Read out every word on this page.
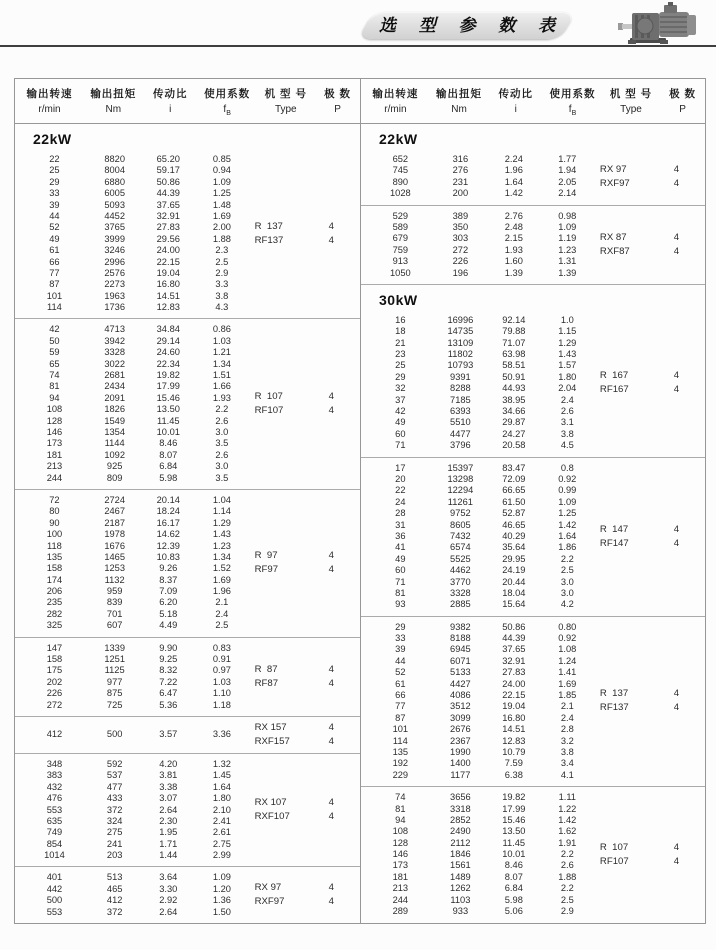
选 型 参 数 表
输出转速	输出扭矩	传动比	使用系数	机 型 号	极 数
r/min	Nm	i	$f_B$	Type	P
22kW
22	8820	65.20	0.85
25	8004	59.17	0.94
29	6880	50.86	1.09
33	6005	44.39	1.25
39	5093	37.65	1.48
44	4452	32.91	1.69
52	3765	27.83	2.00
49	3999	29.56	1.88
61	3246	24.00	2.3
66	2996	22.15	2.5
77	2576	19.04	2.9
87	2273	16.80	3.3
101	1963	14.51	3.8
114	1736	12.83	4.3
R  137	4
RF137	4
42	4713	34.84	0.86
50	3942	29.14	1.03
59	3328	24.60	1.21
65	3022	22.34	1.34
74	2681	19.82	1.51
81	2434	17.99	1.66
94	2091	15.46	1.93
108	1826	13.50	2.2
128	1549	11.45	2.6
146	1354	10.01	3.0
173	1144	8.46	3.5
181	1092	8.07	2.6
213	925	6.84	3.0
244	809	5.98	3.5
R  107	4
RF107	4
72	2724	20.14	1.04
80	2467	18.24	1.14
90	2187	16.17	1.29
100	1978	14.62	1.43
118	1676	12.39	1.23
135	1465	10.83	1.34
158	1253	9.26	1.52
174	1132	8.37	1.69
206	959	7.09	1.96
235	839	6.20	2.1
282	701	5.18	2.4
325	607	4.49	2.5
R  97	4
RF97	4
147	1339	9.90	0.83
158	1251	9.25	0.91
175	1125	8.32	0.97
202	977	7.22	1.03
226	875	6.47	1.10
272	725	5.36	1.18
R  87	4
RF87	4
412	500	3.57	3.36
RX 157	4
RXF157	4
348	592	4.20	1.32
383	537	3.81	1.45
432	477	3.38	1.64
476	433	3.07	1.80
553	372	2.64	2.10
635	324	2.30	2.41
749	275	1.95	2.61
854	241	1.71	2.75
1014	203	1.44	2.99
RX 107	4
RXF107	4
401	513	3.64	1.09
442	465	3.30	1.20
500	412	2.92	1.36
553	372	2.64	1.50
RX 97	4
RXF97	4
输出转速	输出扭矩	传动比	使用系数	机 型 号	极 数
r/min	Nm	i	$f_B$	Type	P
22kW
652	316	2.24	1.77
745	276	1.96	1.94
890	231	1.64	2.05
1028	200	1.42	2.14
RX 97	4
RXF97	4
529	389	2.76	0.98
589	350	2.48	1.09
679	303	2.15	1.19
759	272	1.93	1.23
913	226	1.60	1.31
1050	196	1.39	1.39
RX 87	4
RXF87	4
30kW
16	16996	92.14	1.0
18	14735	79.88	1.15
21	13109	71.07	1.29
23	11802	63.98	1.43
25	10793	58.51	1.57
29	9391	50.91	1.80
32	8288	44.93	2.04
37	7185	38.95	2.4
42	6393	34.66	2.6
49	5510	29.87	3.1
60	4477	24.27	3.8
71	3796	20.58	4.5
R  167	4
RF167	4
17	15397	83.47	0.8
20	13298	72.09	0.92
22	12294	66.65	0.99
24	11261	61.50	1.09
28	9752	52.87	1.25
31	8605	46.65	1.42
36	7432	40.29	1.64
41	6574	35.64	1.86
49	5525	29.95	2.2
60	4462	24.19	2.5
71	3770	20.44	3.0
81	3328	18.04	3.0
93	2885	15.64	4.2
R  147	4
RF147	4
29	9382	50.86	0.80
33	8188	44.39	0.92
39	6945	37.65	1.08
44	6071	32.91	1.24
52	5133	27.83	1.41
61	4427	24.00	1.69
66	4086	22.15	1.85
77	3512	19.04	2.1
87	3099	16.80	2.4
101	2676	14.51	2.8
114	2367	12.83	3.2
135	1990	10.79	3.8
192	1400	7.59	3.4
229	1177	6.38	4.1
R  137	4
RF137	4
74	3656	19.82	1.11
81	3318	17.99	1.22
94	2852	15.46	1.42
108	2490	13.50	1.62
128	2112	11.45	1.91
146	1846	10.01	2.2
173	1561	8.46	2.6
181	1489	8.07	1.88
213	1262	6.84	2.2
244	1103	5.98	2.5
289	933	5.06	2.9
R  107	4
RF107	4
